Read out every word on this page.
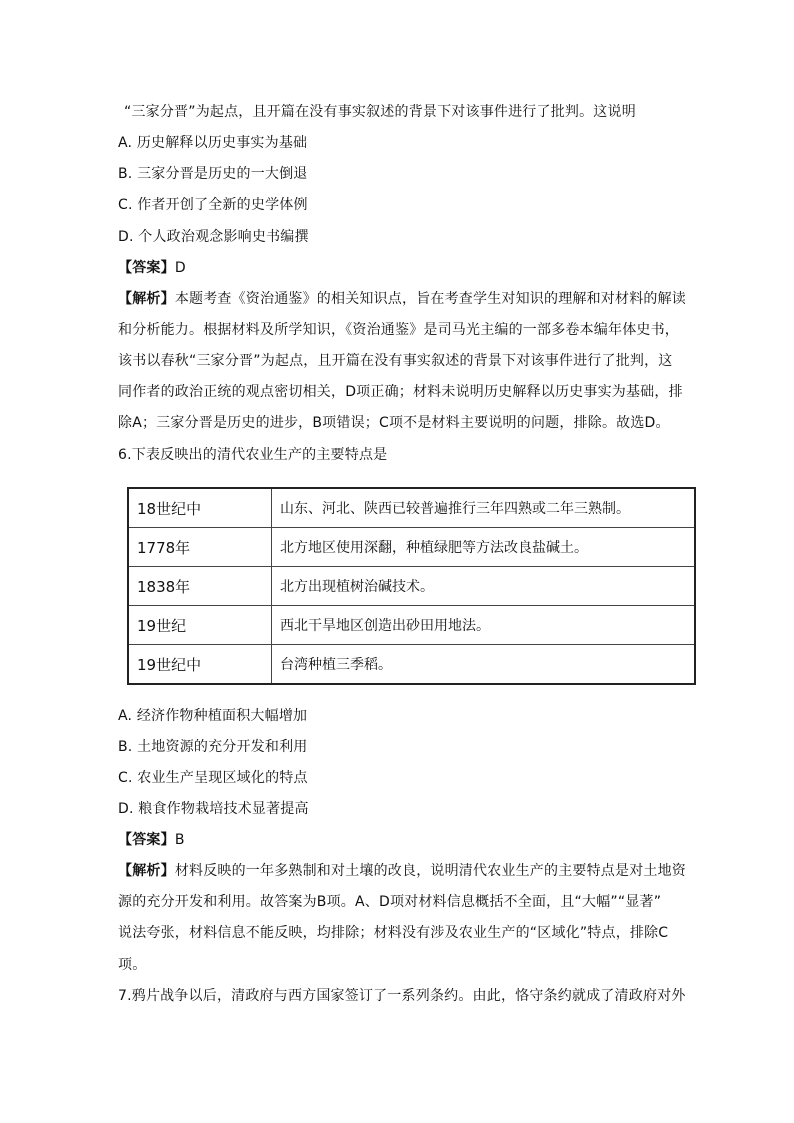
“三家分晋”为起点，且开篇在没有事实叙述的背景下对该事件进行了批判。这说明
A. 历史解释以历史事实为基础
B. 三家分晋是历史的一大倒退
C. 作者开创了全新的史学体例
D. 个人政治观念影响史书编撰
【答案】D
【解析】本题考查《资治通鉴》的相关知识点，旨在考查学生对知识的理解和对材料的解读
和分析能力。根据材料及所学知识，《资治通鉴》是司马光主编的一部多卷本编年体史书，
该书以春秋“三家分晋”为起点，且开篇在没有事实叙述的背景下对该事件进行了批判，这
同作者的政治正统的观点密切相关，D项正确；材料未说明历史解释以历史事实为基础，排
除A；三家分晋是历史的进步，B项错误；C项不是材料主要说明的问题，排除。故选D。
6.下表反映出的清代农业生产的主要特点是
18世纪中	山东、河北、陕西已较普遍推行三年四熟或二年三熟制。
1778年	北方地区使用深翻，种植绿肥等方法改良盐碱土。
1838年	北方出现植树治碱技术。
19世纪	西北干旱地区创造出砂田用地法。
19世纪中	台湾种植三季稻。
A. 经济作物种植面积大幅增加
B. 土地资源的充分开发和利用
C. 农业生产呈现区域化的特点
D. 粮食作物栽培技术显著提高
【答案】B
【解析】材料反映的一年多熟制和对土壤的改良，说明清代农业生产的主要特点是对土地资
源的充分开发和利用。故答案为B项。A、D项对材料信息概括不全面，且“大幅”“显著”
说法夸张，材料信息不能反映，均排除；材料没有涉及农业生产的“区域化”特点，排除C
项。
7.鸦片战争以后，清政府与西方国家签订了一系列条约。由此，恪守条约就成了清政府对外
